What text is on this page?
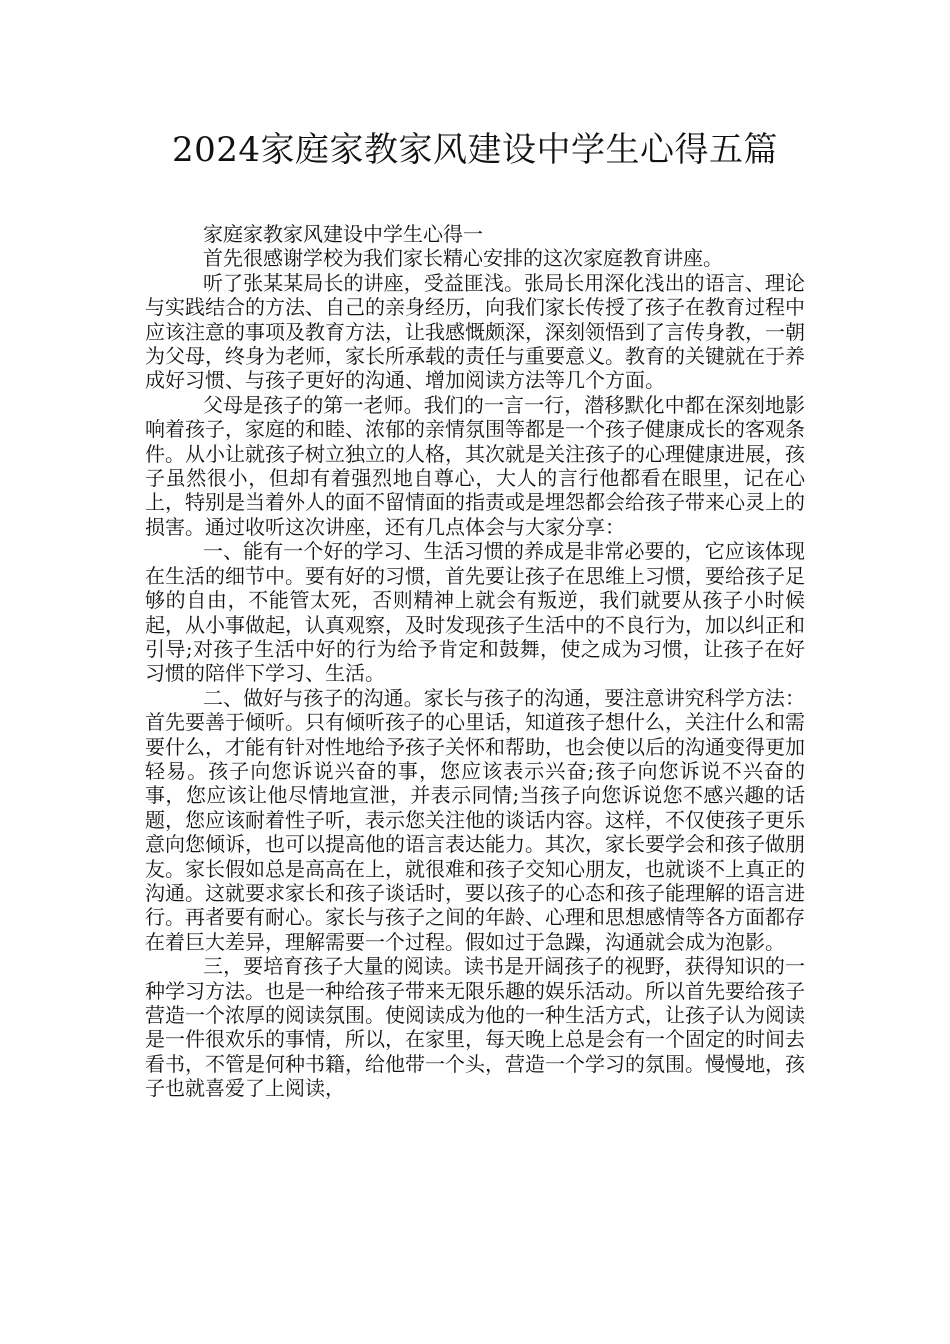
2024家庭家教家风建设中学生心得五篇

家庭家教家风建设中学生心得一

首先很感谢学校为我们家长精心安排的这次家庭教育讲座。

听了张某某局长的讲座，受益匪浅。张局长用深化浅出的语言、理论与实践结合的方法、自己的亲身经历，向我们家长传授了孩子在教育过程中应该注意的事项及教育方法，让我感慨颇深，深刻领悟到了言传身教，一朝为父母，终身为老师，家长所承载的责任与重要意义。教育的关键就在于养成好习惯、与孩子更好的沟通、增加阅读方法等几个方面。

父母是孩子的第一老师。我们的一言一行，潜移默化中都在深刻地影响着孩子，家庭的和睦、浓郁的亲情氛围等都是一个孩子健康成长的客观条件。从小让就孩子树立独立的人格，其次就是关注孩子的心理健康进展，孩子虽然很小，但却有着强烈地自尊心，大人的言行他都看在眼里，记在心上，特别是当着外人的面不留情面的指责或是埋怨都会给孩子带来心灵上的损害。通过收听这次讲座，还有几点体会与大家分享：

一、能有一个好的学习、生活习惯的养成是非常必要的，它应该体现在生活的细节中。要有好的习惯，首先要让孩子在思维上习惯，要给孩子足够的自由，不能管太死，否则精神上就会有叛逆，我们就要从孩子小时候起，从小事做起，认真观察，及时发现孩子生活中的不良行为，加以纠正和引导;对孩子生活中好的行为给予肯定和鼓舞，使之成为习惯，让孩子在好习惯的陪伴下学习、生活。

二、做好与孩子的沟通。家长与孩子的沟通，要注意讲究科学方法：首先要善于倾听。只有倾听孩子的心里话，知道孩子想什么，关注什么和需要什么，才能有针对性地给予孩子关怀和帮助，也会使以后的沟通变得更加轻易。孩子向您诉说兴奋的事，您应该表示兴奋;孩子向您诉说不兴奋的事，您应该让他尽情地宣泄，并表示同情;当孩子向您诉说您不感兴趣的话题，您应该耐着性子听，表示您关注他的谈话内容。这样，不仅使孩子更乐意向您倾诉，也可以提高他的语言表达能力。其次，家长要学会和孩子做朋友。家长假如总是高高在上，就很难和孩子交知心朋友，也就谈不上真正的沟通。这就要求家长和孩子谈话时，要以孩子的心态和孩子能理解的语言进行。再者要有耐心。家长与孩子之间的年龄、心理和思想感情等各方面都存在着巨大差异，理解需要一个过程。假如过于急躁，沟通就会成为泡影。

三，要培育孩子大量的阅读。读书是开阔孩子的视野，获得知识的一种学习方法。也是一种给孩子带来无限乐趣的娱乐活动。所以首先要给孩子营造一个浓厚的阅读氛围。使阅读成为他的一种生活方式，让孩子认为阅读是一件很欢乐的事情，所以，在家里，每天晚上总是会有一个固定的时间去看书，不管是何种书籍，给他带一个头，营造一个学习的氛围。慢慢地，孩子也就喜爱了上阅读，
